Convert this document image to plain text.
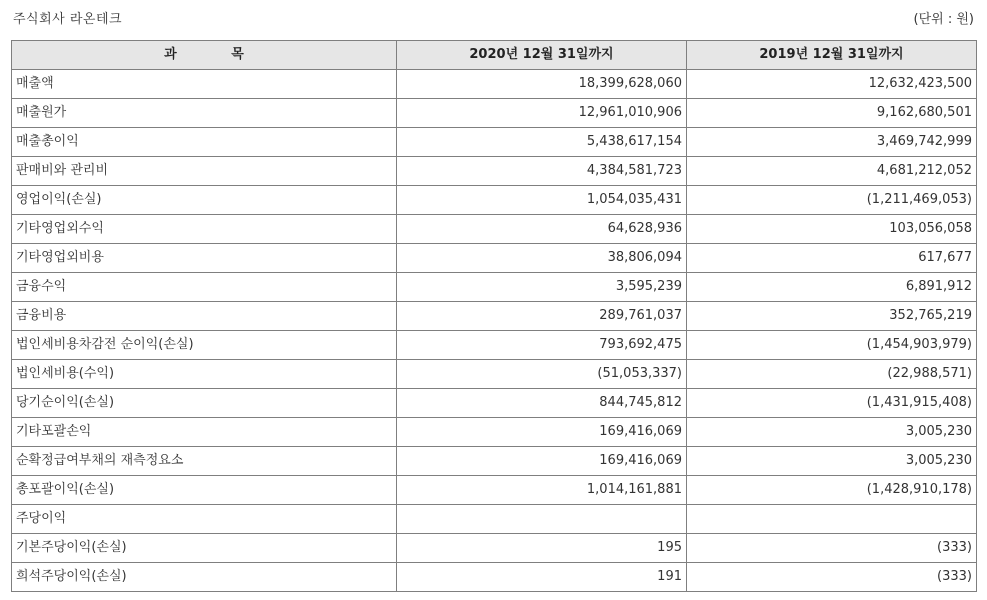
주식회사 라온테크	(단위 : 원)
과 목	2020년 12월 31일까지	2019년 12월 31일까지
매출액	18,399,628,060	12,632,423,500
매출원가	12,961,010,906	9,162,680,501
매출총이익	5,438,617,154	3,469,742,999
판매비와 관리비	4,384,581,723	4,681,212,052
영업이익(손실)	1,054,035,431	(1,211,469,053)
기타영업외수익	64,628,936	103,056,058
기타영업외비용	38,806,094	617,677
금융수익	3,595,239	6,891,912
금융비용	289,761,037	352,765,219
법인세비용차감전 순이익(손실)	793,692,475	(1,454,903,979)
법인세비용(수익)	(51,053,337)	(22,988,571)
당기순이익(손실)	844,745,812	(1,431,915,408)
기타포괄손익	169,416,069	3,005,230
순확정급여부채의 재측정요소	169,416,069	3,005,230
총포괄이익(손실)	1,014,161,881	(1,428,910,178)
주당이익		
기본주당이익(손실)	195	(333)
희석주당이익(손실)	191	(333)
